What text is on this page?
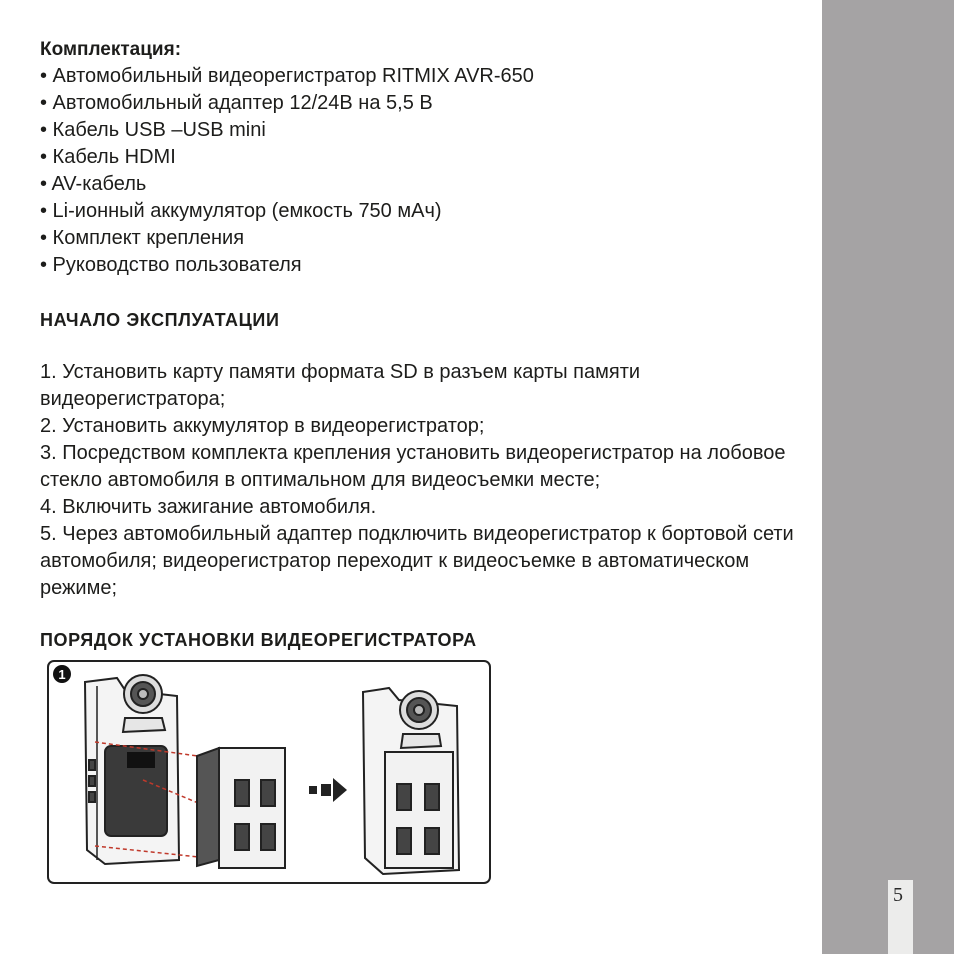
5

Комплектация:

• Автомобильный видеорегистратор RITMIX AVR-650
• Автомобильный адаптер 12/24В на 5,5 В
• Кабель USB –USB mini
• Кабель HDMI
• AV-кабель
• Li-ионный аккумулятор (емкость 750 мАч)
• Комплект крепления
• Руководство пользователя

НАЧАЛО ЭКСПЛУАТАЦИИ

1. Установить карту памяти формата SD в разъем карты памяти видеорегистратора;

2. Установить аккумулятор в видеорегистратор;

3. Посредством комплекта крепления установить видеорегистратор на лобовое стекло автомобиля в оптимальном для видеосъемки месте;

4. Включить зажигание автомобиля.

5. Через автомобильный адаптер подключить видеорегистратор к бортовой сети автомобиля; видеорегистратор переходит к видеосъемке в автоматическом режиме;

ПОРЯДОК УСТАНОВКИ ВИДЕОРЕГИСТРАТОРА

1
